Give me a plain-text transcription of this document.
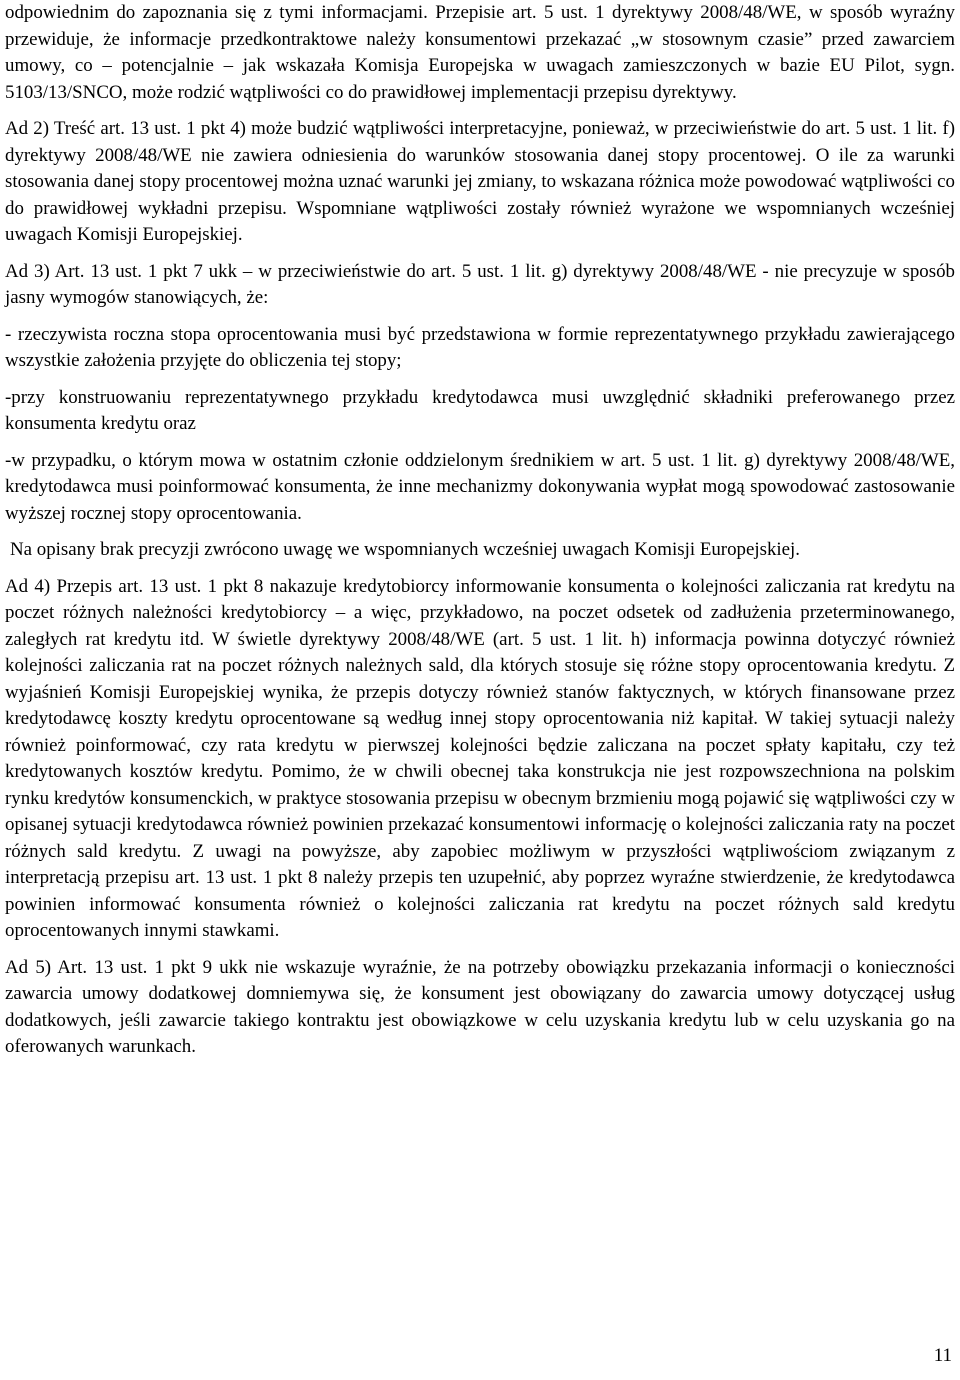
odpowiednim do zapoznania się z tymi informacjami. Przepisie art. 5 ust. 1 dyrektywy 2008/48/WE, w sposób wyraźny przewiduje, że informacje przedkontraktowe należy konsumentowi przekazać „w stosownym czasie” przed zawarciem umowy, co – potencjalnie – jak wskazała Komisja Europejska w uwagach zamieszczonych w bazie EU Pilot, sygn. 5103/13/SNCO, może rodzić wątpliwości co do prawidłowej implementacji przepisu dyrektywy.

Ad 2) Treść art. 13 ust. 1 pkt 4) może budzić wątpliwości interpretacyjne, ponieważ, w przeciwieństwie do art. 5 ust. 1 lit. f) dyrektywy 2008/48/WE nie zawiera odniesienia do warunków stosowania danej stopy procentowej. O ile za warunki stosowania danej stopy procentowej można uznać warunki jej zmiany, to wskazana różnica może powodować wątpliwości co do prawidłowej wykładni przepisu. Wspomniane wątpliwości zostały również wyrażone we wspomnianych wcześniej uwagach Komisji Europejskiej.

Ad 3) Art. 13 ust. 1 pkt 7 ukk – w przeciwieństwie do art. 5 ust. 1 lit. g) dyrektywy 2008/48/WE - nie precyzuje w sposób jasny wymogów stanowiących, że:

- rzeczywista roczna stopa oprocentowania musi być przedstawiona w formie reprezentatywnego przykładu zawierającego wszystkie założenia przyjęte do obliczenia tej stopy;

-przy konstruowaniu reprezentatywnego przykładu kredytodawca musi uwzględnić składniki preferowanego przez konsumenta kredytu oraz

-w przypadku, o którym mowa w ostatnim członie oddzielonym średnikiem w art. 5 ust. 1 lit. g) dyrektywy 2008/48/WE, kredytodawca musi poinformować konsumenta, że inne mechanizmy dokonywania wypłat mogą spowodować zastosowanie wyższej rocznej stopy oprocentowania.

Na opisany brak precyzji zwrócono uwagę we wspomnianych wcześniej uwagach Komisji Europejskiej.

Ad 4) Przepis art. 13 ust. 1 pkt 8 nakazuje kredytobiorcy informowanie konsumenta o kolejności zaliczania rat kredytu na poczet różnych należności kredytobiorcy – a więc, przykładowo, na poczet odsetek od zadłużenia przeterminowanego, zaległych rat kredytu itd. W świetle dyrektywy 2008/48/WE (art. 5 ust. 1 lit. h) informacja powinna dotyczyć również kolejności zaliczania rat na poczet różnych należnych sald, dla których stosuje się różne stopy oprocentowania kredytu. Z wyjaśnień Komisji Europejskiej wynika, że przepis dotyczy również stanów faktycznych, w których finansowane przez kredytodawcę koszty kredytu oprocentowane są według innej stopy oprocentowania niż kapitał. W takiej sytuacji należy również poinformować, czy rata kredytu w pierwszej kolejności będzie zaliczana na poczet spłaty kapitału, czy też kredytowanych kosztów kredytu. Pomimo, że w chwili obecnej taka konstrukcja nie jest rozpowszechniona na polskim rynku kredytów konsumenckich, w praktyce stosowania przepisu w obecnym brzmieniu mogą pojawić się wątpliwości czy w opisanej sytuacji kredytodawca również powinien przekazać konsumentowi informację o kolejności zaliczania raty na poczet różnych sald kredytu. Z uwagi na powyższe, aby zapobiec możliwym w przyszłości wątpliwościom związanym z interpretacją przepisu art. 13 ust. 1 pkt 8 należy przepis ten uzupełnić, aby poprzez wyraźne stwierdzenie, że kredytodawca powinien informować konsumenta również o kolejności zaliczania rat kredytu na poczet różnych sald kredytu oprocentowanych innymi stawkami.

Ad 5) Art. 13 ust. 1 pkt 9 ukk nie wskazuje wyraźnie, że na potrzeby obowiązku przekazania informacji o konieczności zawarcia umowy dodatkowej domniemywa się, że konsument jest obowiązany do zawarcia umowy dotyczącej usług dodatkowych, jeśli zawarcie takiego kontraktu jest obowiązkowe w celu uzyskania kredytu lub w celu uzyskania go na oferowanych warunkach.

11
